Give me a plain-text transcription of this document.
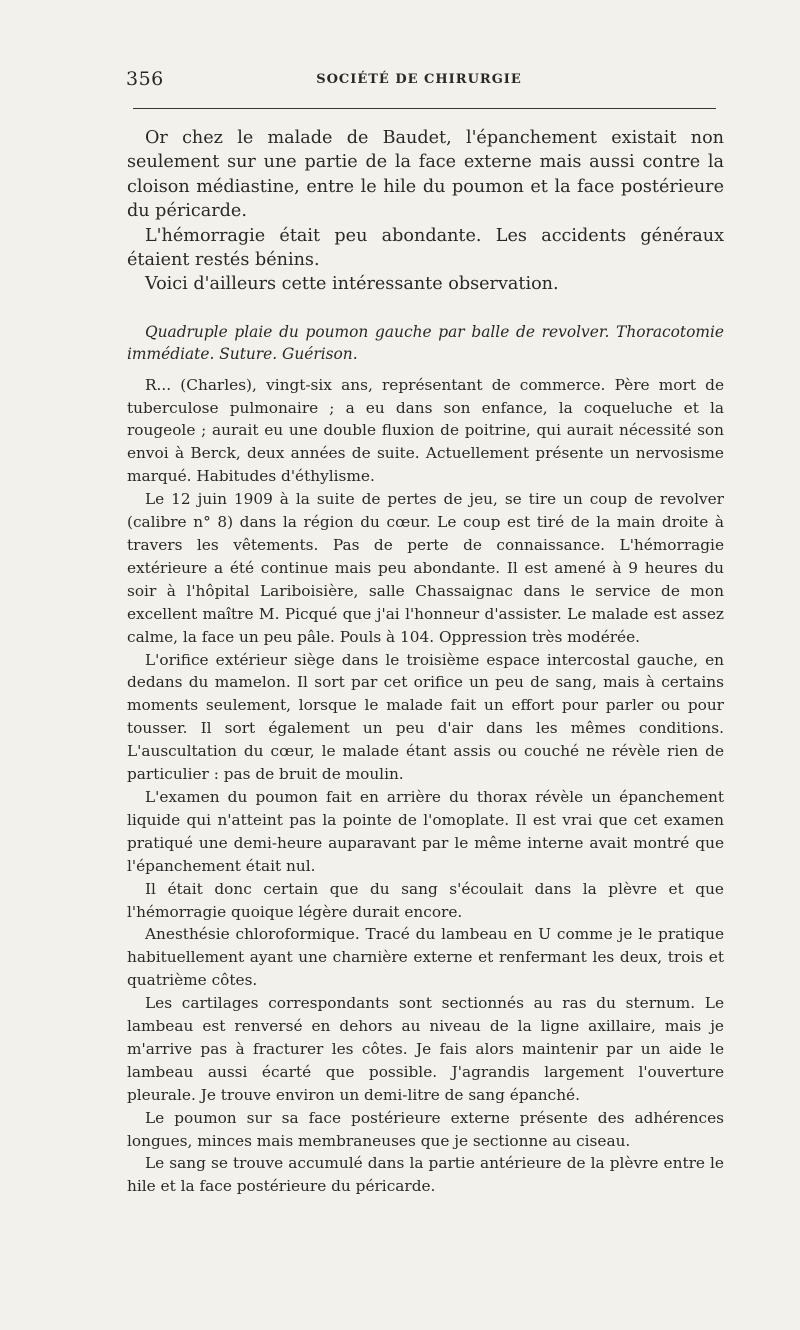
356	SOCIÉTÉ DE CHIRURGIE

Or chez le malade de Baudet, l'épanchement existait non seulement sur une partie de la face externe mais aussi contre la cloison médiastine, entre le hile du poumon et la face postérieure du péricarde.

L'hémorragie était peu abondante. Les accidents généraux étaient restés bénins.

Voici d'ailleurs cette intéressante observation.

Quadruple plaie du poumon gauche par balle de revolver. Thoracotomie immédiate. Suture. Guérison.

R... (Charles), vingt-six ans, représentant de commerce. Père mort de tuberculose pulmonaire ; a eu dans son enfance, la coqueluche et la rougeole ; aurait eu une double fluxion de poitrine, qui aurait nécessité son envoi à Berck, deux années de suite. Actuellement présente un nervosisme marqué. Habitudes d'éthylisme.

Le 12 juin 1909 à la suite de pertes de jeu, se tire un coup de revolver (calibre n° 8) dans la région du cœur. Le coup est tiré de la main droite à travers les vêtements. Pas de perte de connaissance. L'hémorragie extérieure a été continue mais peu abondante. Il est amené à 9 heures du soir à l'hôpital Lariboisière, salle Chassaignac dans le service de mon excellent maître M. Picqué que j'ai l'honneur d'assister. Le malade est assez calme, la face un peu pâle. Pouls à 104. Oppression très modérée.

L'orifice extérieur siège dans le troisième espace intercostal gauche, en dedans du mamelon. Il sort par cet orifice un peu de sang, mais à certains moments seulement, lorsque le malade fait un effort pour parler ou pour tousser. Il sort également un peu d'air dans les mêmes conditions. L'auscultation du cœur, le malade étant assis ou couché ne révèle rien de particulier : pas de bruit de moulin.

L'examen du poumon fait en arrière du thorax révèle un épanchement liquide qui n'atteint pas la pointe de l'omoplate. Il est vrai que cet examen pratiqué une demi-heure auparavant par le même interne avait montré que l'épanchement était nul.

Il était donc certain que du sang s'écoulait dans la plèvre et que l'hémorragie quoique légère durait encore.

Anesthésie chloroformique. Tracé du lambeau en U comme je le pratique habituellement ayant une charnière externe et renfermant les deux, trois et quatrième côtes.

Les cartilages correspondants sont sectionnés au ras du sternum. Le lambeau est renversé en dehors au niveau de la ligne axillaire, mais je m'arrive pas à fracturer les côtes. Je fais alors maintenir par un aide le lambeau aussi écarté que possible. J'agrandis largement l'ouverture pleurale. Je trouve environ un demi-litre de sang épanché.

Le poumon sur sa face postérieure externe présente des adhérences longues, minces mais membraneuses que je sectionne au ciseau.

Le sang se trouve accumulé dans la partie antérieure de la plèvre entre le hile et la face postérieure du péricarde.
